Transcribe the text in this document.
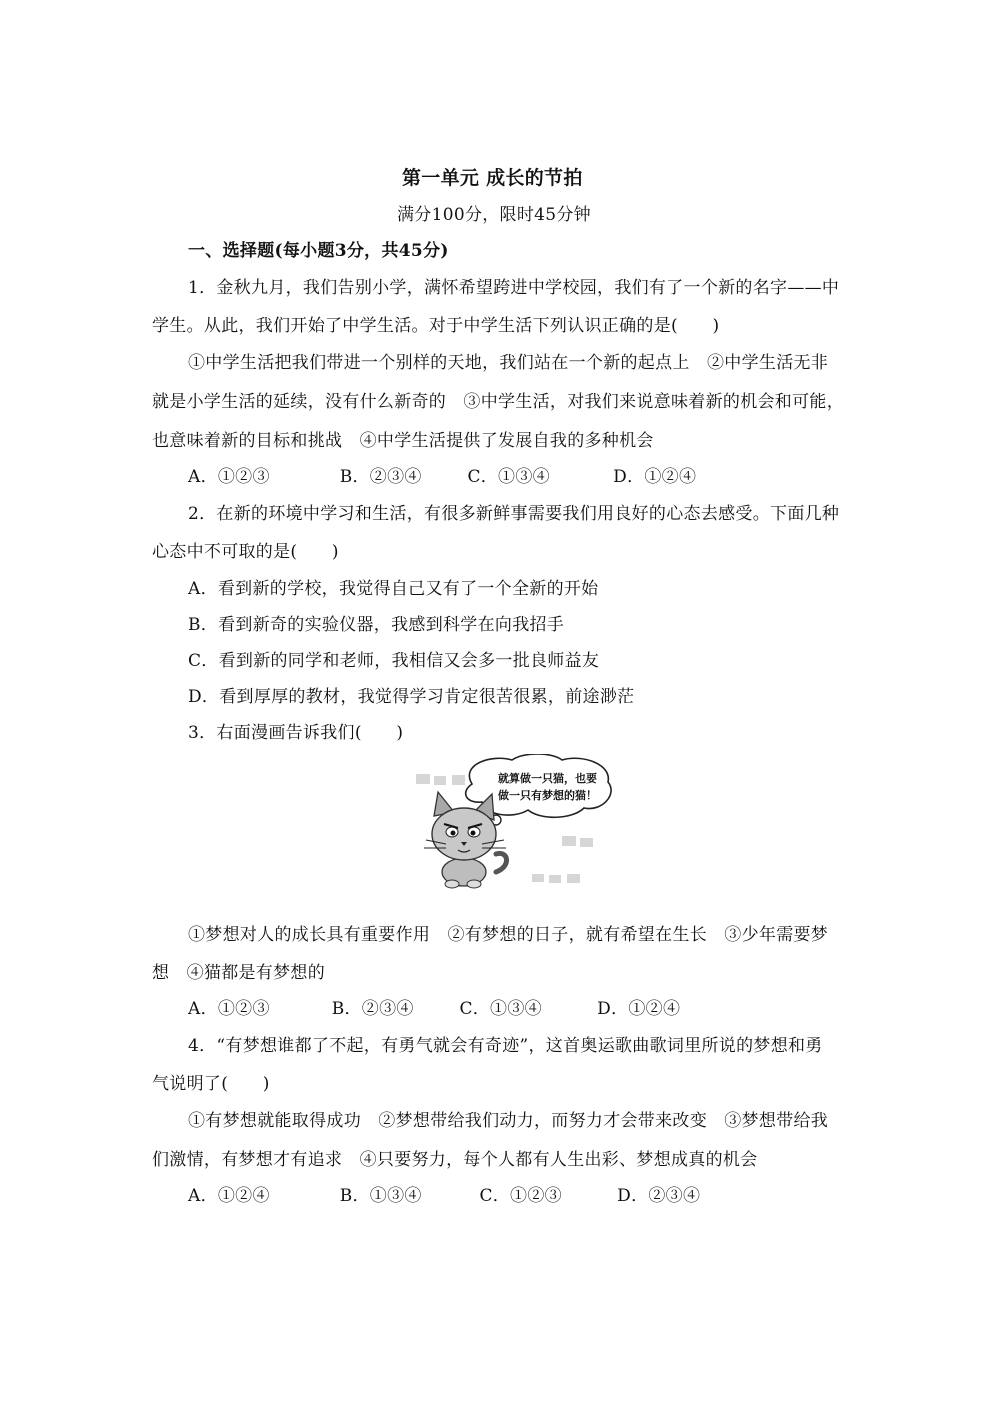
第一单元 成长的节拍
满分100分，限时45分钟
一、选择题(每小题3分，共45分)
1．金秋九月，我们告别小学，满怀希望跨进中学校园，我们有了一个新的名字——中
学生。从此，我们开始了中学生活。对于中学生活下列认识正确的是(　　)
①中学生活把我们带进一个别样的天地，我们站在一个新的起点上　②中学生活无非
就是小学生活的延续，没有什么新奇的　③中学生活，对我们来说意味着新的机会和可能，
也意味着新的目标和挑战　④中学生活提供了发展自我的多种机会
A．①②③	B．②③④	C．①③④	D．①②④
2．在新的环境中学习和生活，有很多新鲜事需要我们用良好的心态去感受。下面几种
心态中不可取的是(　　)
A．看到新的学校，我觉得自己又有了一个全新的开始
B．看到新奇的实验仪器，我感到科学在向我招手
C．看到新的同学和老师，我相信又会多一批良师益友
D．看到厚厚的教材，我觉得学习肯定很苦很累，前途渺茫
3．右面漫画告诉我们(　　)
就算做一只猫，也要
做一只有梦想的猫！
①梦想对人的成长具有重要作用　②有梦想的日子，就有希望在生长　③少年需要梦
想　④猫都是有梦想的
A．①②③	B．②③④	C．①③④	D．①②④
4．“有梦想谁都了不起，有勇气就会有奇迹”，这首奥运歌曲歌词里所说的梦想和勇
气说明了(　　)
①有梦想就能取得成功　②梦想带给我们动力，而努力才会带来改变　③梦想带给我
们激情，有梦想才有追求　④只要努力，每个人都有人生出彩、梦想成真的机会
A．①②④	B．①③④	C．①②③	D．②③④
